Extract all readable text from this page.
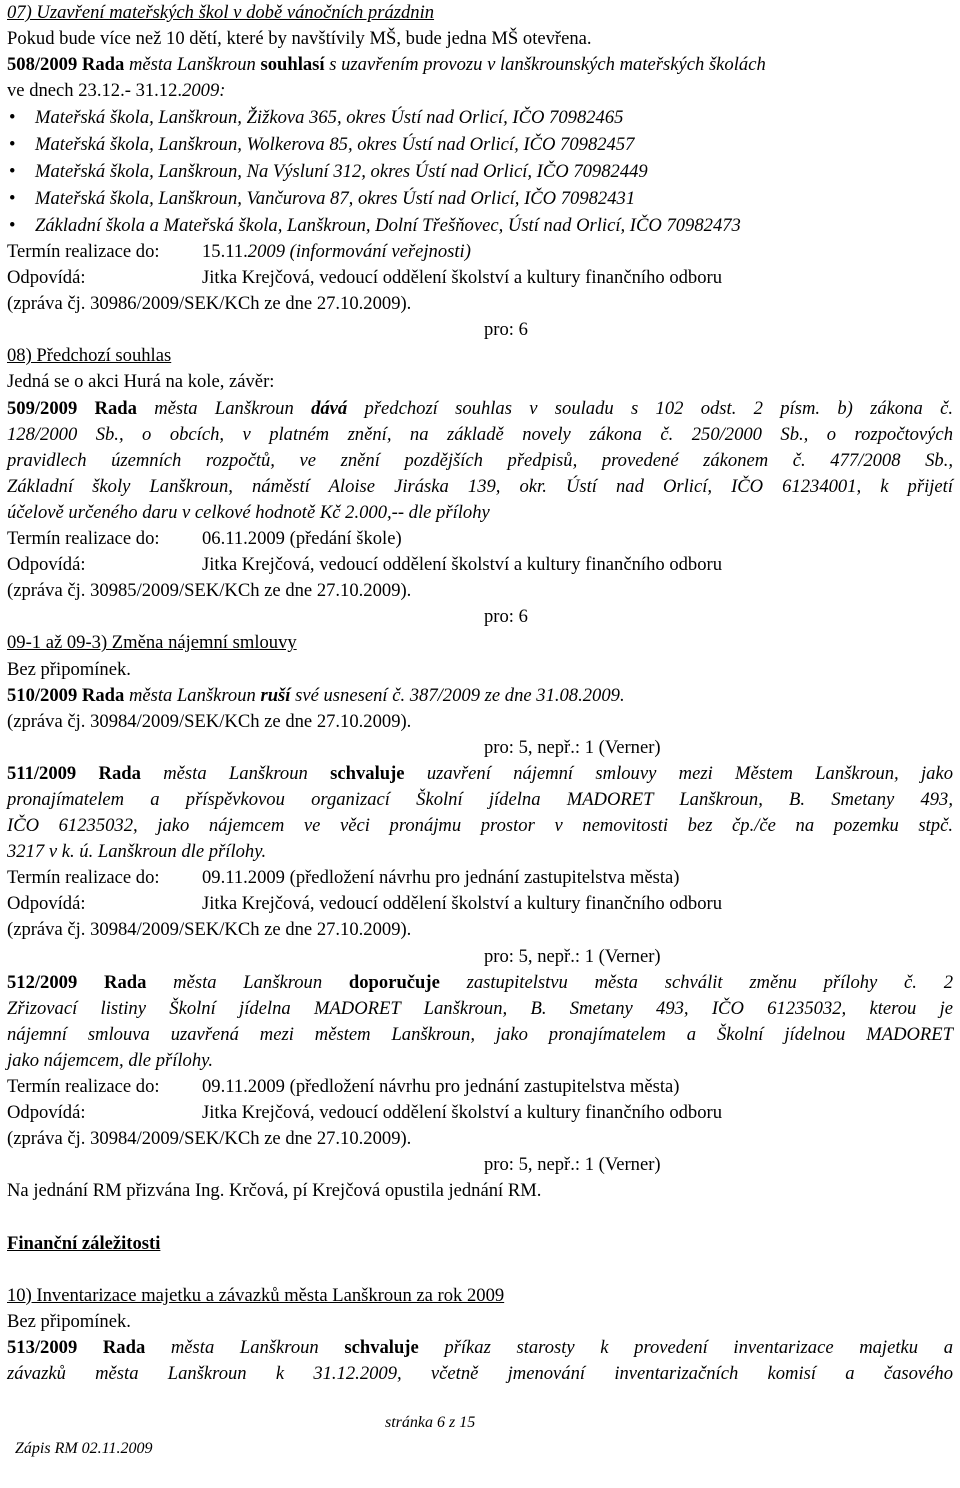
07) Uzavření mateřských škol v době vánočních prázdnin
Pokud bude více než 10 dětí, které by navštívily MŠ, bude jedna MŠ otevřena.
508/2009 Rada města Lanškroun souhlasí s uzavřením provozu v lanškrounských mateřských školách
ve dnech 23.12.- 31.12.2009:
• Mateřská škola, Lanškroun, Žižkova 365, okres Ústí nad Orlicí, IČO 70982465
• Mateřská škola, Lanškroun, Wolkerova 85, okres Ústí nad Orlicí, IČO 70982457
• Mateřská škola, Lanškroun, Na Výsluní 312, okres Ústí nad Orlicí, IČO 70982449
• Mateřská škola, Lanškroun, Vančurova 87, okres Ústí nad Orlicí, IČO 70982431
• Základní škola a Mateřská škola, Lanškroun, Dolní Třešňovec, Ústí nad Orlicí, IČO 70982473
Termín realizace do: 15.11.2009 (informování veřejnosti)
Odpovídá:	Jitka Krejčová, vedoucí oddělení školství a kultury finančního odboru
(zpráva čj. 30986/2009/SEK/KCh ze dne 27.10.2009).
pro: 6
08) Předchozí souhlas
Jedná se o akci Hurá na kole, závěr:
509/2009 Rada města Lanškroun dává předchozí souhlas v souladu s 102 odst. 2 písm. b) zákona č.
128/2000 Sb., o obcích, v platném znění, na základě novely zákona č. 250/2000 Sb., o rozpočtových
pravidlech územních rozpočtů, ve znění pozdějších předpisů, provedené zákonem č. 477/2008 Sb.,
Základní školy Lanškroun, náměstí Aloise Jiráska 139, okr. Ústí nad Orlicí, IČO 61234001, k přijetí
účelově určeného daru v celkové hodnotě Kč 2.000,-- dle přílohy
Termín realizace do: 06.11.2009 (předání škole)
Odpovídá:	Jitka Krejčová, vedoucí oddělení školství a kultury finančního odboru
(zpráva čj. 30985/2009/SEK/KCh ze dne 27.10.2009).
pro: 6
09-1 až 09-3) Změna nájemní smlouvy
Bez připomínek.
510/2009 Rada města Lanškroun ruší své usnesení č. 387/2009 ze dne 31.08.2009.
(zpráva čj. 30984/2009/SEK/KCh ze dne 27.10.2009).
pro: 5, nepř.: 1 (Verner)
511/2009 Rada města Lanškroun schvaluje uzavření nájemní smlouvy mezi Městem Lanškroun, jako
pronajímatelem a příspěvkovou organizací Školní jídelna MADORET Lanškroun, B. Smetany 493,
IČO 61235032, jako nájemcem ve věci pronájmu prostor v nemovitosti bez čp./če na pozemku stpč.
3217 v k. ú. Lanškroun dle přílohy.
Termín realizace do: 09.11.2009 (předložení návrhu pro jednání zastupitelstva města)
Odpovídá:	Jitka Krejčová, vedoucí oddělení školství a kultury finančního odboru
(zpráva čj. 30984/2009/SEK/KCh ze dne 27.10.2009).
pro: 5, nepř.: 1 (Verner)
512/2009 Rada města Lanškroun doporučuje zastupitelstvu města schválit změnu přílohy č. 2
Zřizovací listiny Školní jídelna MADORET Lanškroun, B. Smetany 493, IČO 61235032, kterou je
nájemní smlouva uzavřená mezi městem Lanškroun, jako pronajímatelem a Školní jídelnou MADORET
jako nájemcem, dle přílohy.
Termín realizace do: 09.11.2009 (předložení návrhu pro jednání zastupitelstva města)
Odpovídá:	Jitka Krejčová, vedoucí oddělení školství a kultury finančního odboru
(zpráva čj. 30984/2009/SEK/KCh ze dne 27.10.2009).
pro: 5, nepř.: 1 (Verner)
Na jednání RM přizvána Ing. Krčová, pí Krejčová opustila jednání RM.
Finanční záležitosti
10) Inventarizace majetku a závazků města Lanškroun za rok 2009
Bez připomínek.
513/2009 Rada města Lanškroun schvaluje příkaz starosty k provedení inventarizace majetku a
závazků města Lanškroun k 31.12.2009, včetně jmenování inventarizačních komisí a časového

Zápis RM 02.11.2009

stránka 6 z 15
